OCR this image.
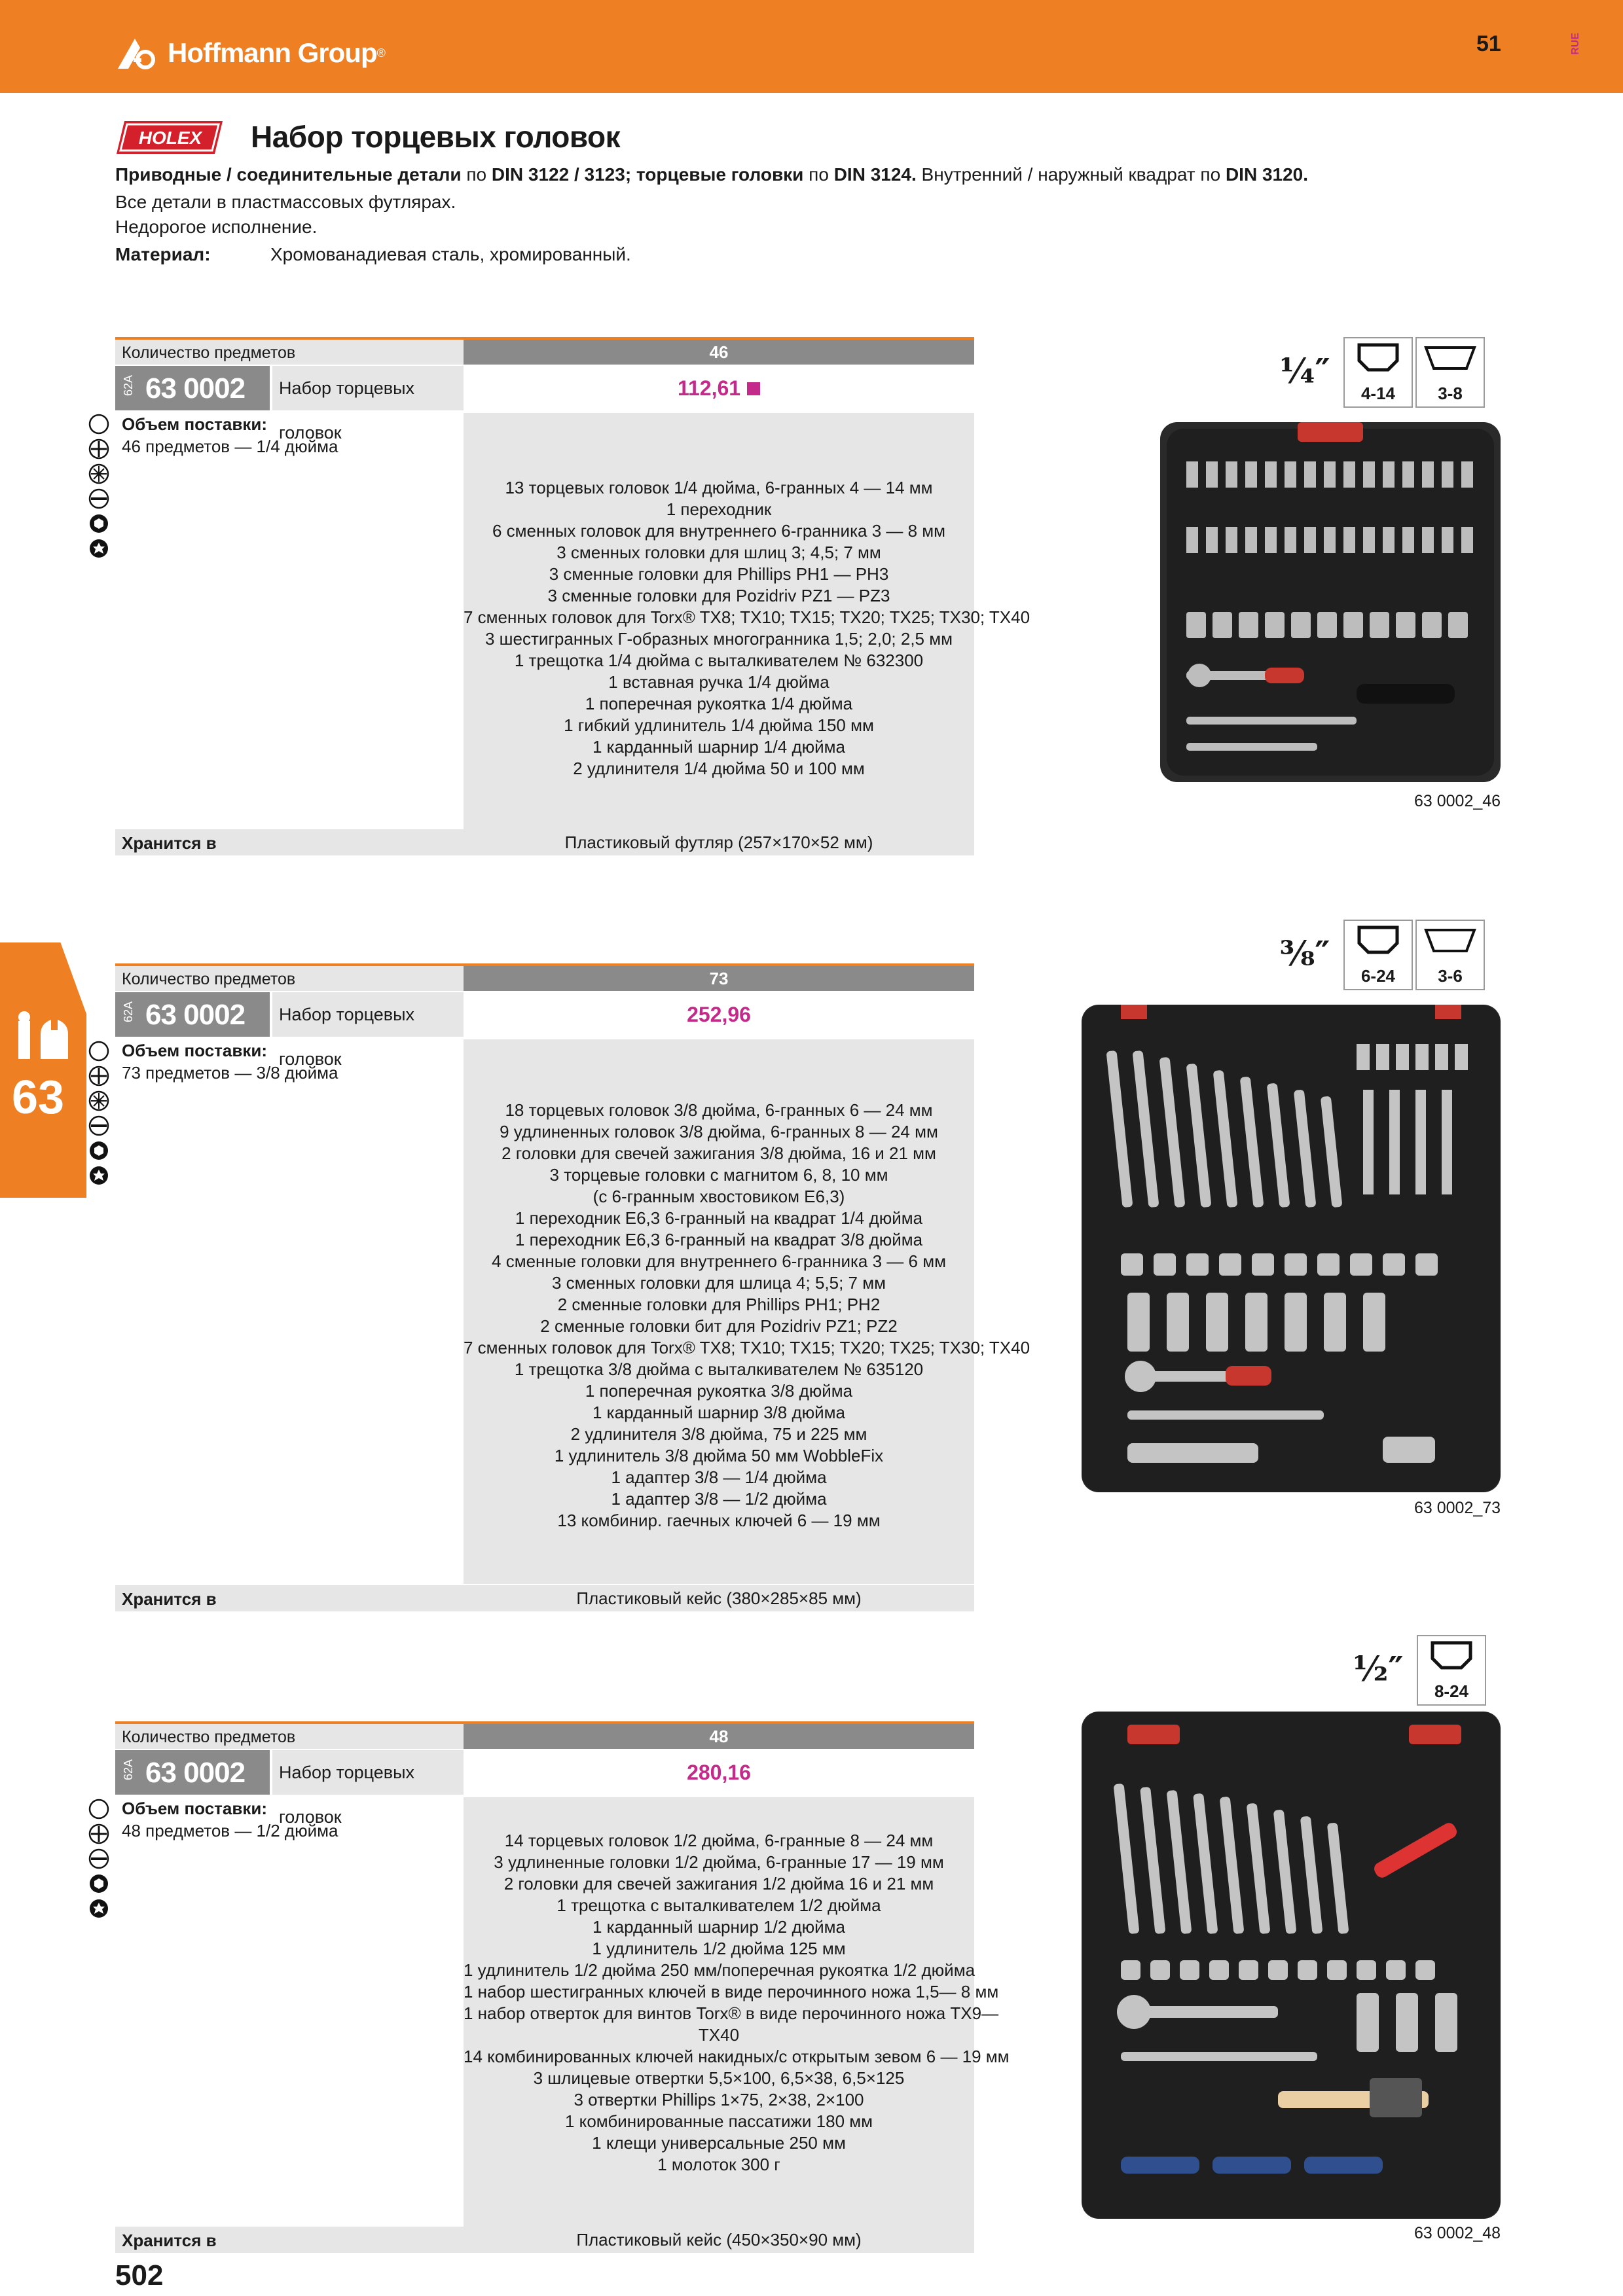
Hoffmann Group ®	51	RUE
HOLEX Набор торцевых головок
Приводные / соединительные детали по DIN 3122 / 3123; торцевые головки по DIN 3124. Внутренний / наружный квадрат по DIN 3120.
Все детали в пластмассовых футлярах.
Недорогое исполнение.
Материал:	Хромованадиевая сталь, хромированный.
Количество предметов	46
62A 63 0002	Набор торцевых головок
112,61
Объем поставки:
46 предметов — 1/4 дюйма
13 торцевых головок 1/4 дюйма, 6-гранных 4 — 14 мм
1 переходник
6 сменных головок для внутреннего 6-гранника 3 — 8 мм
3 сменных головки для шлиц 3; 4,5; 7 мм
3 сменные головки для Phillips PH1 — PH3
3 сменные головки для Pozidriv PZ1 — PZ3
7 сменных головок для Torx® TX8; TX10; TX15; TX20; TX25; TX30; TX40
3 шестигранных Г-образных многогранника 1,5; 2,0; 2,5 мм
1 трещотка 1/4 дюйма с выталкивателем № 632300
1 вставная ручка 1/4 дюйма
1 поперечная рукоятка 1/4 дюйма
1 гибкий удлинитель 1/4 дюйма 150 мм
1 карданный шарнир 1/4 дюйма
2 удлинителя 1/4 дюйма 50 и 100 мм
Хранится в	Пластиковый футляр (257×170×52 мм)
¼″
4-14	3-8
63 0002_46
Количество предметов	73
62A 63 0002	Набор торцевых головок
252,96
Объем поставки:
73 предметов — 3/8 дюйма
18 торцевых головок 3/8 дюйма, 6-гранных 6 — 24 мм
9 удлиненных головок 3/8 дюйма, 6-гранных 8 — 24 мм
2 головки для свечей зажигания 3/8 дюйма, 16 и 21 мм
3 торцевые головки с магнитом 6, 8, 10 мм
(с 6-гранным хвостовиком E6,3)
1 переходник E6,3 6-гранный на квадрат 1/4 дюйма
1 переходник E6,3 6-гранный на квадрат 3/8 дюйма
4 сменные головки для внутреннего 6-гранника 3 — 6 мм
3 сменных головки для шлица 4; 5,5; 7 мм
2 сменные головки для Phillips PH1; PH2
2 сменные головки бит для Pozidriv PZ1; PZ2
7 сменных головок для Torx® TX8; TX10; TX15; TX20; TX25; TX30; TX40
1 трещотка 3/8 дюйма с выталкивателем № 635120
1 поперечная рукоятка 3/8 дюйма
1 карданный шарнир 3/8 дюйма
2 удлинителя 3/8 дюйма, 75 и 225 мм
1 удлинитель 3/8 дюйма 50 мм WobbleFix
1 адаптер 3/8 — 1/4 дюйма
1 адаптер 3/8 — 1/2 дюйма
13 комбинир. гаечных ключей 6 — 19 мм
Хранится в	Пластиковый кейс (380×285×85 мм)
⅜″
6-24	3-6
63 0002_73
Количество предметов	48
62A 63 0002	Набор торцевых головок
280,16
Объем поставки:
48 предметов — 1/2 дюйма	14 торцевых головок 1/2 дюйма, 6-гранные 8 — 24 мм
3 удлиненные головки 1/2 дюйма, 6-гранные 17 — 19 мм
2 головки для свечей зажигания 1/2 дюйма 16 и 21 мм
1 трещотка с выталкивателем 1/2 дюйма
1 карданный шарнир 1/2 дюйма
1 удлинитель 1/2 дюйма 125 мм
1 удлинитель 1/2 дюйма 250 мм/поперечная рукоятка 1/2 дюйма
1 набор шестигранных ключей в виде перочинного ножа 1,5— 8 мм
1 набор отверток для винтов Torx® в виде перочинного ножа TX9—
TX40
14 комбинированных ключей накидных/с открытым зевом 6 — 19 мм
3 шлицевые отвертки 5,5×100, 6,5×38, 6,5×125
3 отвертки Phillips 1×75, 2×38, 2×100
1 комбинированные пассатижи 180 мм
1 клещи универсальные 250 мм
1 молоток 300 г
Хранится в	Пластиковый кейс (450×350×90 мм)
½″
8-24
63 0002_48
63
502
